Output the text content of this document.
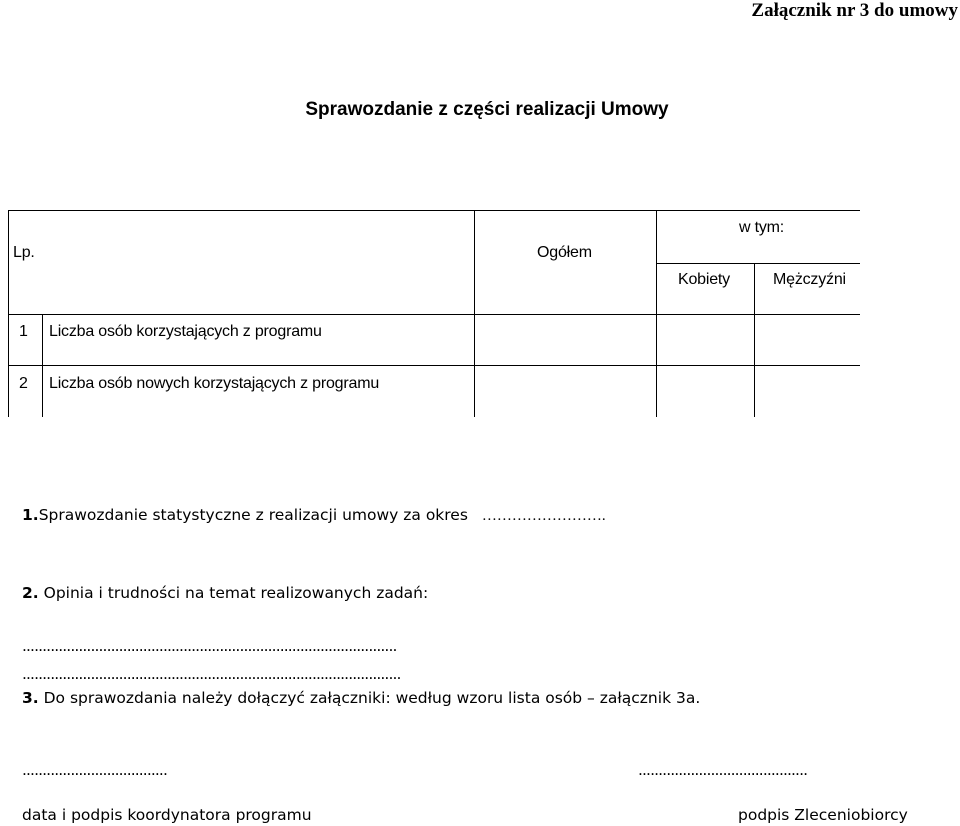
Załącznik nr 3 do umowy
Sprawozdanie z części realizacji Umowy
Lp.	Ogółem
w tym:
Kobiety	Mężczyźni
1 Liczba osób korzystających z programu
2 Liczba osób nowych korzystających z programu
1.Sprawozdanie statystyczne z realizacji umowy za okres …………………….
2. Opinia i trudności na temat realizowanych zadań:
.............................................................................................
..............................................................................................
3. Do sprawozdania należy dołączyć załączniki: według wzoru lista osób – załącznik 3a.
....................................	..........................................
data i podpis koordynatora programu	podpis Zleceniobiorcy
